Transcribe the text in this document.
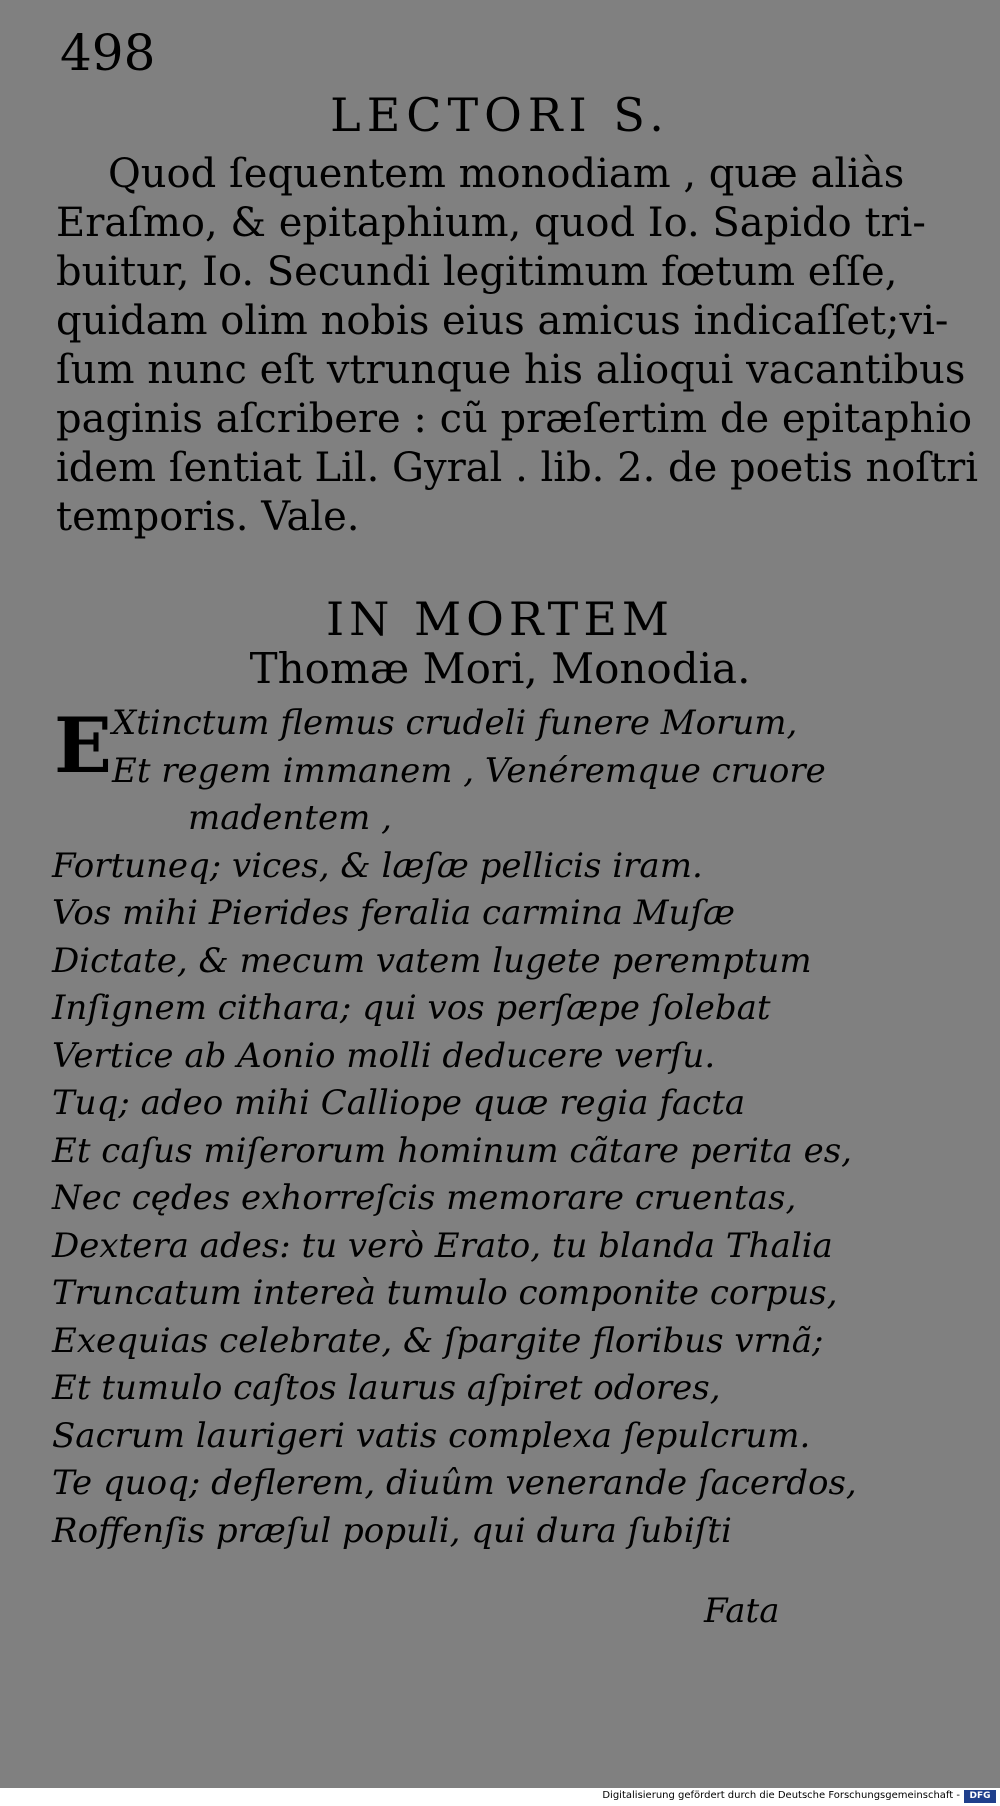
498
LECTORI S.
Quod ſequentem monodiam , quæ aliàs
Eraſmo, & epitaphium, quod Io. Sapido tri-
buitur, Io. Secundi legitimum fœtum eſſe,
quidam olim nobis eius amicus indicaſſet;vi-
ſum nunc eſt vtrunque his alioqui vacantibus
paginis aſcribere : cũ præſertim de epitaphio
idem ſentiat Lil. Gyral . lib. 2. de poetis noſtri
temporis. Vale.
IN MORTEM
Thomæ Mori, Monodia.
E Xtinctum flemus crudeli funere Morum,
Et regem immanem , Venéremque cruore
madentem ,
Fortuneq; vices, & læſæ pellicis iram.
Vos mihi Pierides feralia carmina Muſæ
Dictate, & mecum vatem lugete peremptum
Inſignem cithara; qui vos perſæpe ſolebat
Vertice ab Aonio molli deducere verſu.
Tuq; adeo mihi Calliope quæ regia facta
Et caſus miſerorum hominum cãtare perita es,
Nec cędes exhorreſcis memorare cruentas,
Dextera ades: tu verò Erato, tu blanda Thalia
Truncatum intereà tumulo componite corpus,
Exequias celebrate, & ſpargite floribus vrnã;
Et tumulo caſtos laurus aſpiret odores,
Sacrum laurigeri vatis complexa ſepulcrum.
Te quoq; deflerem, diuûm venerande ſacerdos,
Roffenſis præſul populi, qui dura ſubiſti
Fata
Digitalisierung gefördert durch die Deutsche Forschungsgemeinschaft -	DFG
